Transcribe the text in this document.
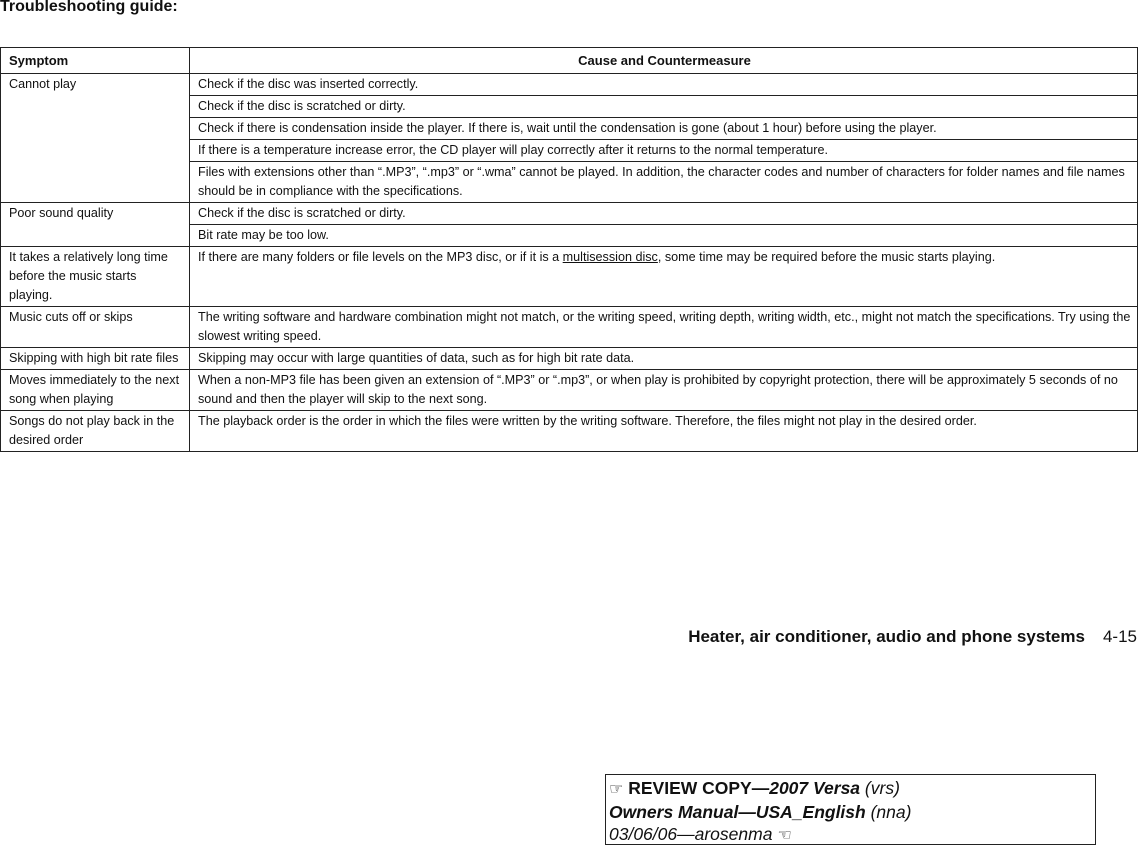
Troubleshooting guide:
Symptom	Cause and Countermeasure
Cannot play	Check if the disc was inserted correctly.
	Check if the disc is scratched or dirty.
	Check if there is condensation inside the player. If there is, wait until the condensation is gone (about 1 hour) before using the player.
	If there is a temperature increase error, the CD player will play correctly after it returns to the normal temperature.
	Files with extensions other than “.MP3”, “.mp3” or “.wma” cannot be played. In addition, the character codes and number of characters for folder names and file names should be in compliance with the specifications.
Poor sound quality	Check if the disc is scratched or dirty.
	Bit rate may be too low.
It takes a relatively long time before the music starts playing.	If there are many folders or file levels on the MP3 disc, or if it is a multisession disc, some time may be required before the music starts playing.
Music cuts off or skips	The writing software and hardware combination might not match, or the writing speed, writing depth, writing width, etc., might not match the specifications. Try using the slowest writing speed.
Skipping with high bit rate files	Skipping may occur with large quantities of data, such as for high bit rate data.
Moves immediately to the next song when playing	When a non-MP3 file has been given an extension of “.MP3” or “.mp3”, or when play is prohibited by copyright protection, there will be approximately 5 seconds of no sound and then the player will skip to the next song.
Songs do not play back in the desired order	The playback order is the order in which the files were written by the writing software. Therefore, the files might not play in the desired order.
Heater, air conditioner, audio and phone systems 4-15
☞ REVIEW COPY—2007 Versa (vrs)
Owners Manual—USA_English (nna)
03/06/06—arosenma ☜
